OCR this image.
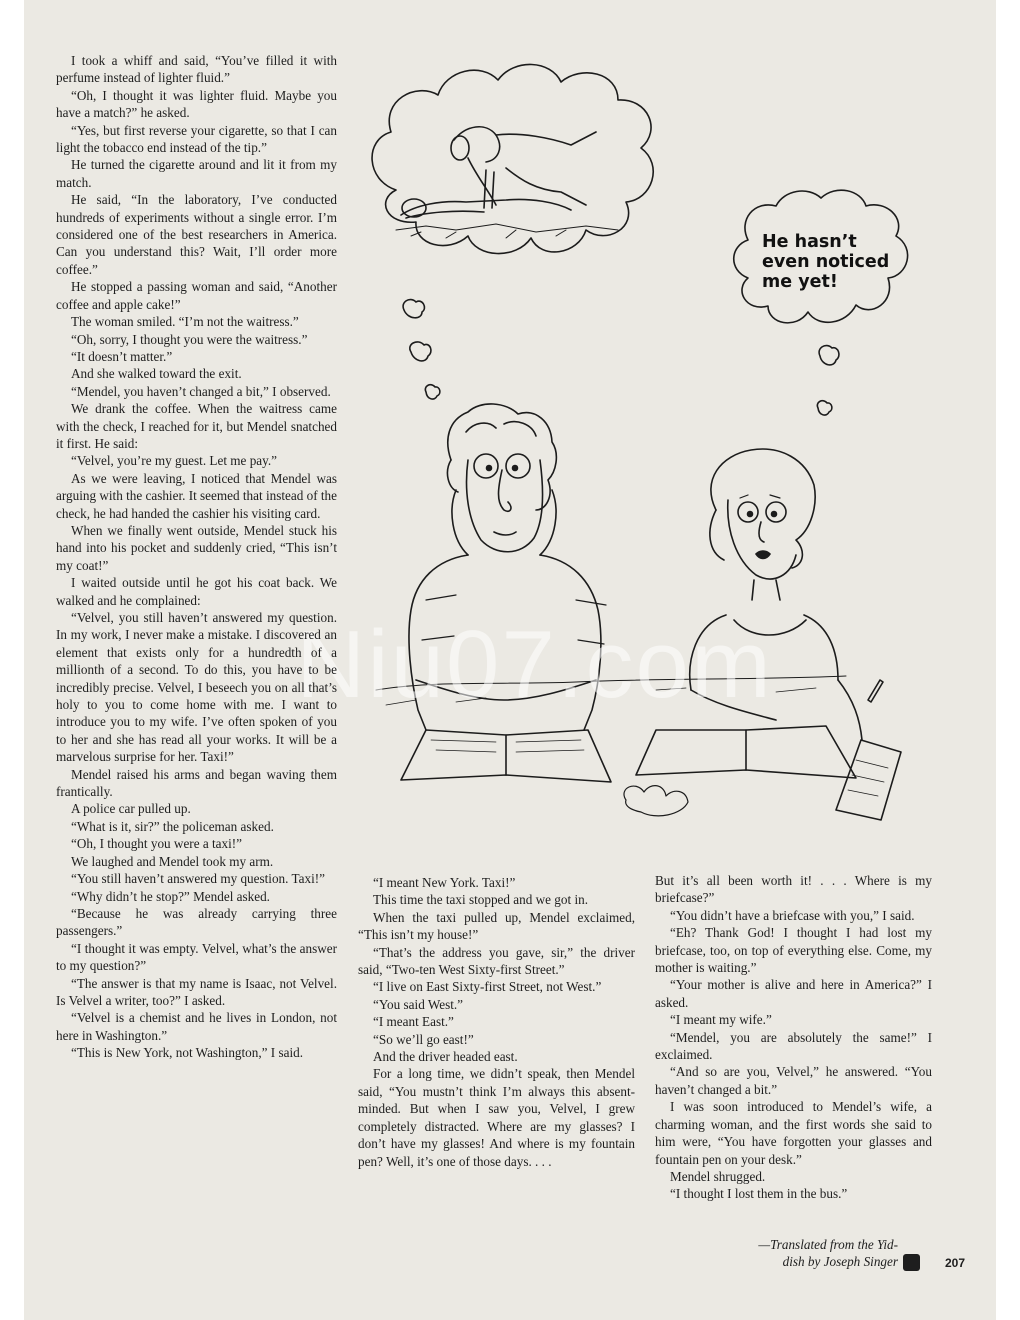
He hasn’t
even noticed
me yet!
Niu07.com

I took a whiff and said, “You’ve filled it with perfume instead of lighter fluid.”

“Oh, I thought it was lighter fluid. Maybe you have a match?” he asked.

“Yes, but first reverse your cigarette, so that I can light the tobacco end instead of the tip.”

He turned the cigarette around and lit it from my match.

He said, “In the laboratory, I’ve conducted hundreds of experiments without a single error. I’m considered one of the best researchers in America. Can you understand this? Wait, I’ll order more coffee.”

He stopped a passing woman and said, “Another coffee and apple cake!”

The woman smiled. “I’m not the waitress.”

“Oh, sorry, I thought you were the waitress.”

“It doesn’t matter.”

And she walked toward the exit.

“Mendel, you haven’t changed a bit,” I observed.

We drank the coffee. When the waitress came with the check, I reached for it, but Mendel snatched it first. He said:

“Velvel, you’re my guest. Let me pay.”

As we were leaving, I noticed that Mendel was arguing with the cashier. It seemed that instead of the check, he had handed the cashier his visiting card.

When we finally went outside, Mendel stuck his hand into his pocket and suddenly cried, “This isn’t my coat!”

I waited outside until he got his coat back. We walked and he complained:

“Velvel, you still haven’t answered my question. In my work, I never make a mistake. I discovered an element that exists only for a hundredth of a millionth of a second. To do this, you have to be incredibly precise. Velvel, I beseech you on all that’s holy to you to come home with me. I want to introduce you to my wife. I’ve often spoken of you to her and she has read all your works. It will be a marvelous surprise for her. Taxi!”

Mendel raised his arms and began waving them frantically.

A police car pulled up.

“What is it, sir?” the policeman asked.

“Oh, I thought you were a taxi!”

We laughed and Mendel took my arm.

“You still haven’t answered my question. Taxi!”

“Why didn’t he stop?” Mendel asked.

“Because he was already carrying three passengers.”

“I thought it was empty. Velvel, what’s the answer to my question?”

“The answer is that my name is Isaac, not Velvel. Is Velvel a writer, too?” I asked.

“Velvel is a chemist and he lives in London, not here in Washington.”

“This is New York, not Washington,” I said.

“I meant New York. Taxi!”

This time the taxi stopped and we got in.

When the taxi pulled up, Mendel exclaimed, “This isn’t my house!”

“That’s the address you gave, sir,” the driver said, “Two-ten West Sixty-first Street.”

“I live on East Sixty-first Street, not West.”

“You said West.”

“I meant East.”

“So we’ll go east!”

And the driver headed east.

For a long time, we didn’t speak, then Mendel said, “You mustn’t think I’m always this absent-minded. But when I saw you, Velvel, I grew completely distracted. Where are my glasses? I don’t have my glasses! And where is my fountain pen? Well, it’s one of those days. . . .

But it’s all been worth it! . . . Where is my briefcase?”

“You didn’t have a briefcase with you,” I said.

“Eh? Thank God! I thought I had lost my briefcase, too, on top of everything else. Come, my mother is waiting.”

“Your mother is alive and here in America?” I asked.

“I meant my wife.”

“Mendel, you are absolutely the same!” I exclaimed.

“And so are you, Velvel,” he answered. “You haven’t changed a bit.”

I was soon introduced to Mendel’s wife, a charming woman, and the first words she said to him were, “You have forgotten your glasses and fountain pen on your desk.”

Mendel shrugged.

“I thought I lost them in the bus.”

—Translated from the Yid-
dish by Joseph Singer	207
